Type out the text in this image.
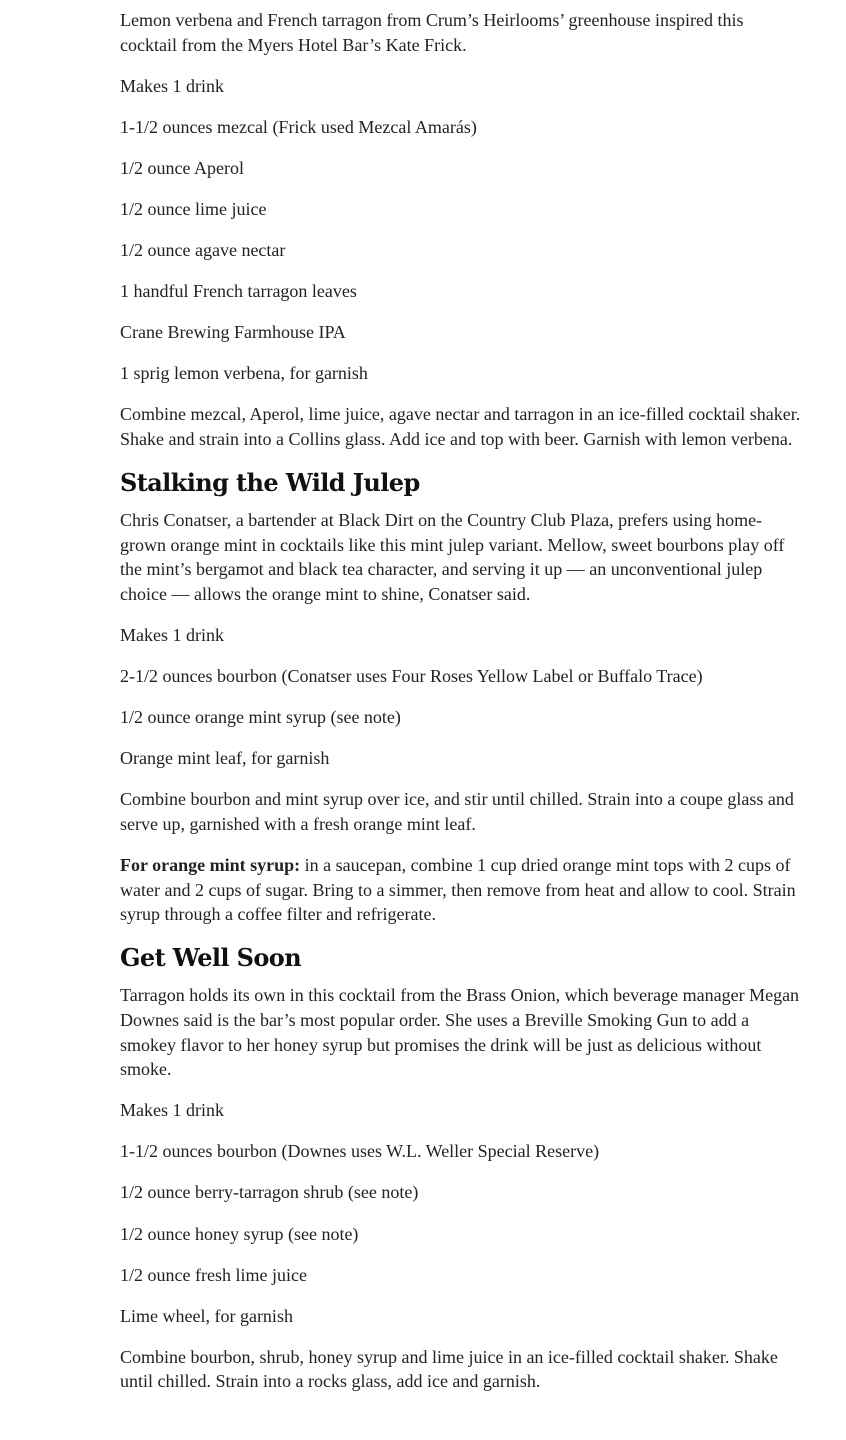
Lemon verbena and French tarragon from Crum’s Heirlooms’ greenhouse inspired this cocktail from the Myers Hotel Bar’s Kate Frick.

Makes 1 drink

1-1/2 ounces mezcal (Frick used Mezcal Amarás)

1/2 ounce Aperol

1/2 ounce lime juice

1/2 ounce agave nectar

1 handful French tarragon leaves

Crane Brewing Farmhouse IPA

1 sprig lemon verbena, for garnish

Combine mezcal, Aperol, lime juice, agave nectar and tarragon in an ice-filled cocktail shaker. Shake and strain into a Collins glass. Add ice and top with beer. Garnish with lemon verbena.

Stalking the Wild Julep

Chris Conatser, a bartender at Black Dirt on the Country Club Plaza, prefers using home-grown orange mint in cocktails like this mint julep variant. Mellow, sweet bourbons play off the mint’s bergamot and black tea character, and serving it up — an unconventional julep choice — allows the orange mint to shine, Conatser said.

Makes 1 drink

2-1/2 ounces bourbon (Conatser uses Four Roses Yellow Label or Buffalo Trace)

1/2 ounce orange mint syrup (see note)

Orange mint leaf, for garnish

Combine bourbon and mint syrup over ice, and stir until chilled. Strain into a coupe glass and serve up, garnished with a fresh orange mint leaf.

For orange mint syrup: in a saucepan, combine 1 cup dried orange mint tops with 2 cups of water and 2 cups of sugar. Bring to a simmer, then remove from heat and allow to cool. Strain syrup through a coffee filter and refrigerate.

Get Well Soon

Tarragon holds its own in this cocktail from the Brass Onion, which beverage manager Megan Downes said is the bar’s most popular order. She uses a Breville Smoking Gun to add a smokey flavor to her honey syrup but promises the drink will be just as delicious without smoke.

Makes 1 drink

1-1/2 ounces bourbon (Downes uses W.L. Weller Special Reserve)

1/2 ounce berry-tarragon shrub (see note)

1/2 ounce honey syrup (see note)

1/2 ounce fresh lime juice

Lime wheel, for garnish

Combine bourbon, shrub, honey syrup and lime juice in an ice-filled cocktail shaker. Shake until chilled. Strain into a rocks glass, add ice and garnish.
